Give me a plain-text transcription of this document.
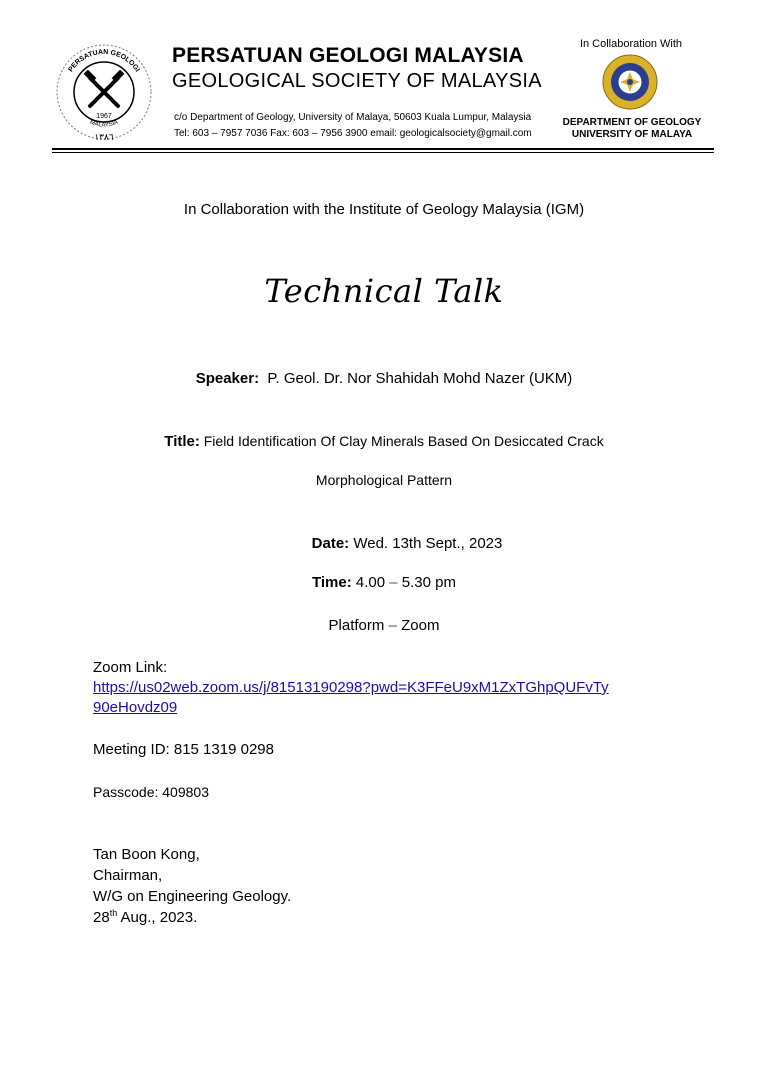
PERSATUAN GEOLOGI
MALAYSIA
1967
١٣٨٦
PERSATUAN GEOLOGI MALAYSIA
GEOLOGICAL SOCIETY OF MALAYSIA
c/o Department of Geology, University of Malaya, 50603 Kuala Lumpur, Malaysia
Tel: 603 – 7957 7036 Fax: 603 – 7956 3900 email: geologicalsociety@gmail.com
In Collaboration With
DEPARTMENT OF GEOLOGY
UNIVERSITY OF MALAYA
In Collaboration with the Institute of Geology Malaysia (IGM)
Technical Talk
Speaker: P. Geol. Dr. Nor Shahidah Mohd Nazer (UKM)
Title: Field Identification Of Clay Minerals Based On Desiccated Crack
Morphological Pattern
Date: Wed. 13th Sept., 2023
Time: 4.00 – 5.30 pm
Platform – Zoom
Zoom Link:
https://us02web.zoom.us/j/81513190298?pwd=K3FFeU9xM1ZxTGhpQUFvTy
90eHovdz09
Meeting ID: 815 1319 0298
Passcode: 409803
Tan Boon Kong,
Chairman,
W/G on Engineering Geology.
28th Aug., 2023.
